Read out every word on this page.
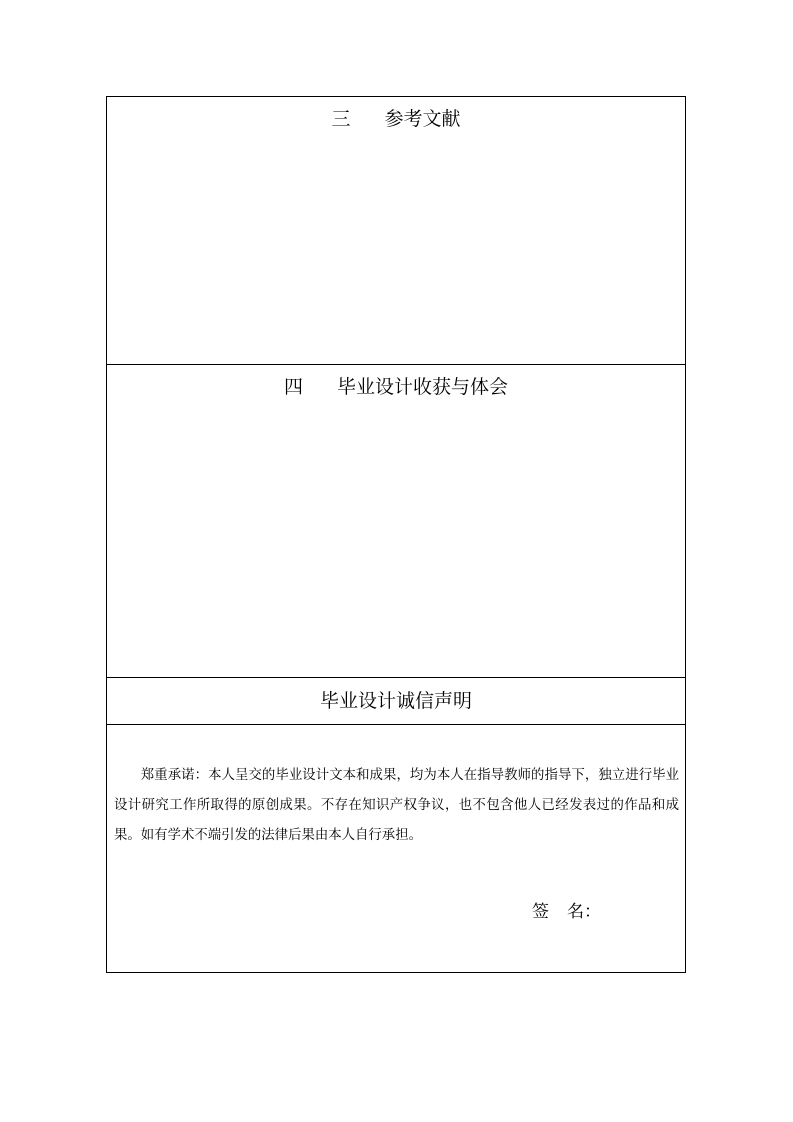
三 参考文献
四 毕业设计收获与体会
毕业设计诚信声明
郑重承诺：本人呈交的毕业设计文本和成果，均为本人在指导教师的指导下，独立进行毕业设计研究工作所取得的原创成果。不存在知识产权争议，也不包含他人已经发表过的作品和成果。如有学术不端引发的法律后果由本人自行承担。
签 名：
